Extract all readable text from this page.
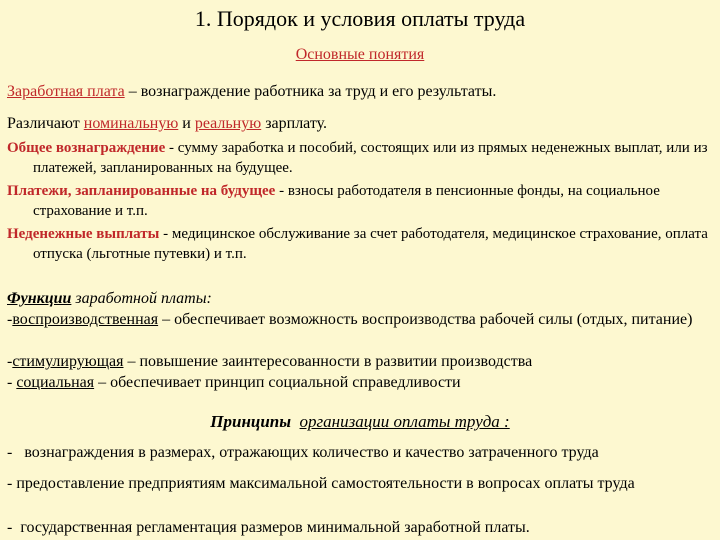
1. Порядок и условия оплаты труда
Основные понятия
Заработная плата – вознаграждение работника за труд и его результаты.
Различают номинальную и реальную зарплату.
Общее вознаграждение - сумму заработка и пособий, состоящих или из прямых неденежных выплат, или из платежей, запланированных на будущее.
Платежи, запланированные на будущее - взносы работодателя в пенсионные фонды, на социальное страхование и т.п.
Неденежные выплаты - медицинское обслуживание за счет работодателя, медицинское страхование, оплата отпуска (льготные путевки) и т.п.
Функции заработной платы:
-воспроизводственная – обеспечивает возможность воспроизводства рабочей силы (отдых, питание)
-стимулирующая – повышение заинтересованности в развитии производства
- социальная – обеспечивает принцип социальной справедливости
Принципы организации оплаты труда :
-   вознаграждения в размерах, отражающих количество и качество затраченного труда
- предоставление предприятиям максимальной самостоятельности в вопросах оплаты труда
-  государственная регламентация размеров минимальной заработной платы.
